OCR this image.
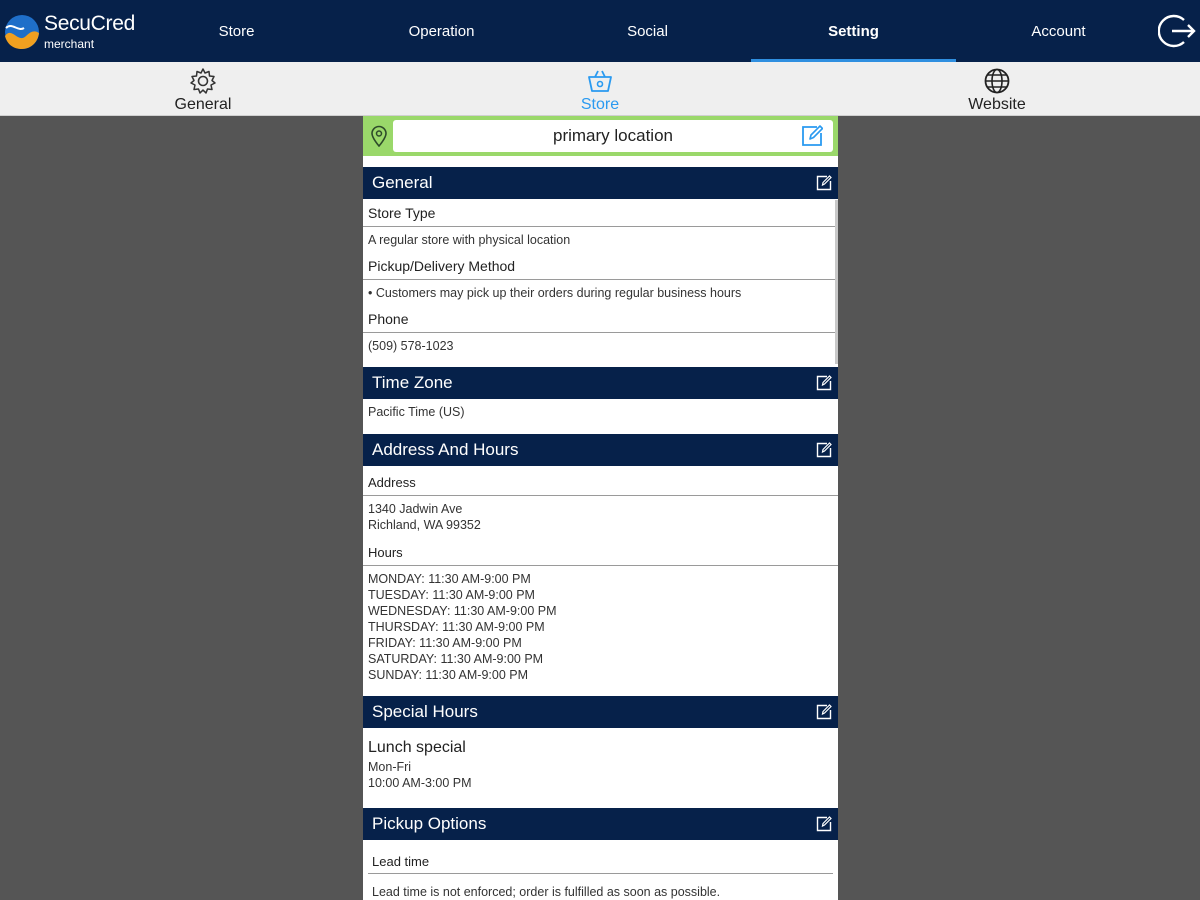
SecuCred
merchant
Store	Operation	Social	Setting	Account
General	Store	Website
primary location
General
Store Type
A regular store with physical location
Pickup/Delivery Method
• Customers may pick up their orders during regular business hours
Phone
(509) 578-1023
Time Zone
Pacific Time (US)
Address And Hours
Address
1340 Jadwin Ave
Richland, WA 99352
Hours
MONDAY: 11:30 AM-9:00 PM
TUESDAY: 11:30 AM-9:00 PM
WEDNESDAY: 11:30 AM-9:00 PM
THURSDAY: 11:30 AM-9:00 PM
FRIDAY: 11:30 AM-9:00 PM
SATURDAY: 11:30 AM-9:00 PM
SUNDAY: 11:30 AM-9:00 PM
Special Hours
Lunch special
Mon-Fri
10:00 AM-3:00 PM
Pickup Options
Lead time
Lead time is not enforced; order is fulfilled as soon as possible.
